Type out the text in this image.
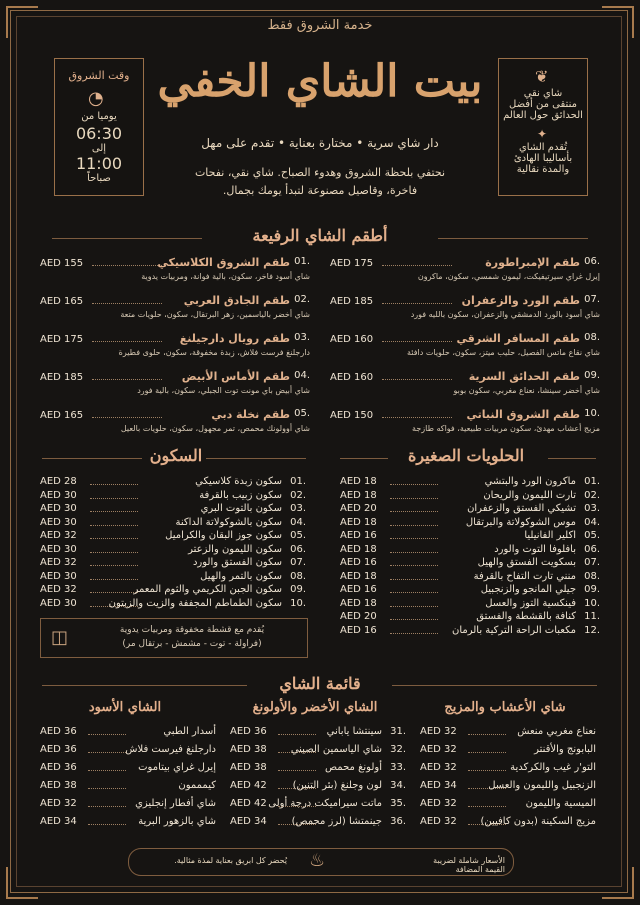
خدمة الشروق فقط
بيت الشاي الخفي
دار شاي سرية • مختارة بعناية • تقدم على مهل
نحتفي بلحظة الشروق وهدوء الصباح. شاي نقي، نفحات فاخرة، وقاصيل مصنوعة لتبدأ يومك بجمال.
وقت الشروق
◔
يوميا من
06:30
إلى
11:00
صباحاً
❦
شاي نقي
منتقى من أفضل
الحدائق حول العالم
✦
تُقدم الشاي
بأساليبا الهادئ
والمدة نقالية
أطقم الشاي الرفيعة
الحلويات الصغيرة
السكون
◫	يُقدم مع قشطة مخفوقة ومربيات يدوية
(فراولة - توت - مشمش - برتقال مر)
قائمة الشاي
الأسعار شاملة لضريبة القيمة المضافة
♨
يُحضر كل ابريق بعناية لمذة مثالية.
AED 175	طقم الإمبراطورة 06.
إيرل غراي سيرتيفيكت، ليمون شمسي، سكون، ماكرون
AED 185	طقم الورد والزعفران 07.
شاي أسود بالورد الدمشقي والزعفران، سكون بالليه فورد
AED 160	طقم المسافر الشرقي 08.
شاي نقاع ماتس الفصيل، حليب ميتز، سكون، حلويات دافئة
AED 160	طقم الحدائق السرية 09.
شاي أخضر سينشا، نعناع مغربي، سكون بوبو
AED 150	طقم الشروق النباتي 10.
مزيج أعشاب مهدئ، سكون مربيات طبيعية، فواكه طازجة
AED 155	طقم الشروق الكلاسيكي 01.
شاي أسود فاخر، سكون، بالية فوانة، ومربيات يدوية
AED 165	طقم الجادق العربي 02.
شاي أخضر بالياسمين، زهر البرتقال، سكون، حلويات متعة
AED 175	طقم رويال دارجيلنغ 03.
دارجلنغ فرست فلاش، زبدة مخفوقة، سكون، حلوى فطيرة
AED 185	طقم الأماس الأبيض 04.
شاي أبيض باي مونت توت الجبلي، سكون، بالية فورد
AED 165	طقم نخلة دبي 05.
شاي أوولونك محمص، تمر مجهول، سكون، حلويات بالعيل
AED 18	ماكرون الورد والبتشي 01.
AED 18	تارت الليمون والريحان 02.
AED 20	تشيكي الفستق والزعفران 03.
AED 18	موس الشوكولاتة والبرتقال 04.
AED 16	اكلير الفانيليا 05.
AED 18	بافلوفا التوت والورد 06.
AED 16	بسكويت الفستق والهيل 07.
AED 18	منني تارت التفاح بالقرفة 08.
AED 16	جيلي المانجو والزنجبيل 09.
AED 18	فينكسية التوز والعسل 10.
AED 20	كنافة بالقشطة والفستق 11.
AED 16	مكعبات الراحة التركية بالرمان 12.
AED 28	سكون زبدة كلاسيكي 01.
AED 30	سكون زبيب بالقرفة 02.
AED 30	سكون بالتوت البري 03.
AED 30	سكون بالشوكولاتة الداكنة 04.
AED 32	سكون جوز البقان والكراميل 05.
AED 30	سكون الليمون والزعتر 06.
AED 32	سكون الفستق والورد 07.
AED 30	سكون بالتمر والهيل 08.
AED 32	سكون الجبن الكريمي والثوم المعمر 09.
AED 30	سكون الطماطم المجففة والزيت والزيتون 10.
شاي الأعشاب والمزيج
AED 32	نعناع مغربي منعش
AED 32	البابونج والأقنتر
AED 32	التو'ر غيب والكركدية
AED 34	الزنجبيل والليمون والعسل
AED 32	الميسية والليمون
AED 32	مزيج السكينة (بدون كافيين)
الشاي الأخضر والأولونغ
AED 36	سينتشا ياباني 31.
AED 38	شاي الياسمين الصيني 32.
AED 38	أولونغ محمص 33.
AED 42	لون وجلنغ (بئر التنين) 34.
AED 42 ماتت سيراميكت درجة أولى 35.
AED 34	جينمتشا (لرز محمص) 36.
الشاي الأسود
AED 36	أسدار الطبي
AED 36	دارجلنغ فيرست فلاش
AED 36	إيرل غراي بيتاموت
AED 38	كيمممون
AED 32	شاي أفطار إنجليزي
AED 34	شاي بالزهور البرية
